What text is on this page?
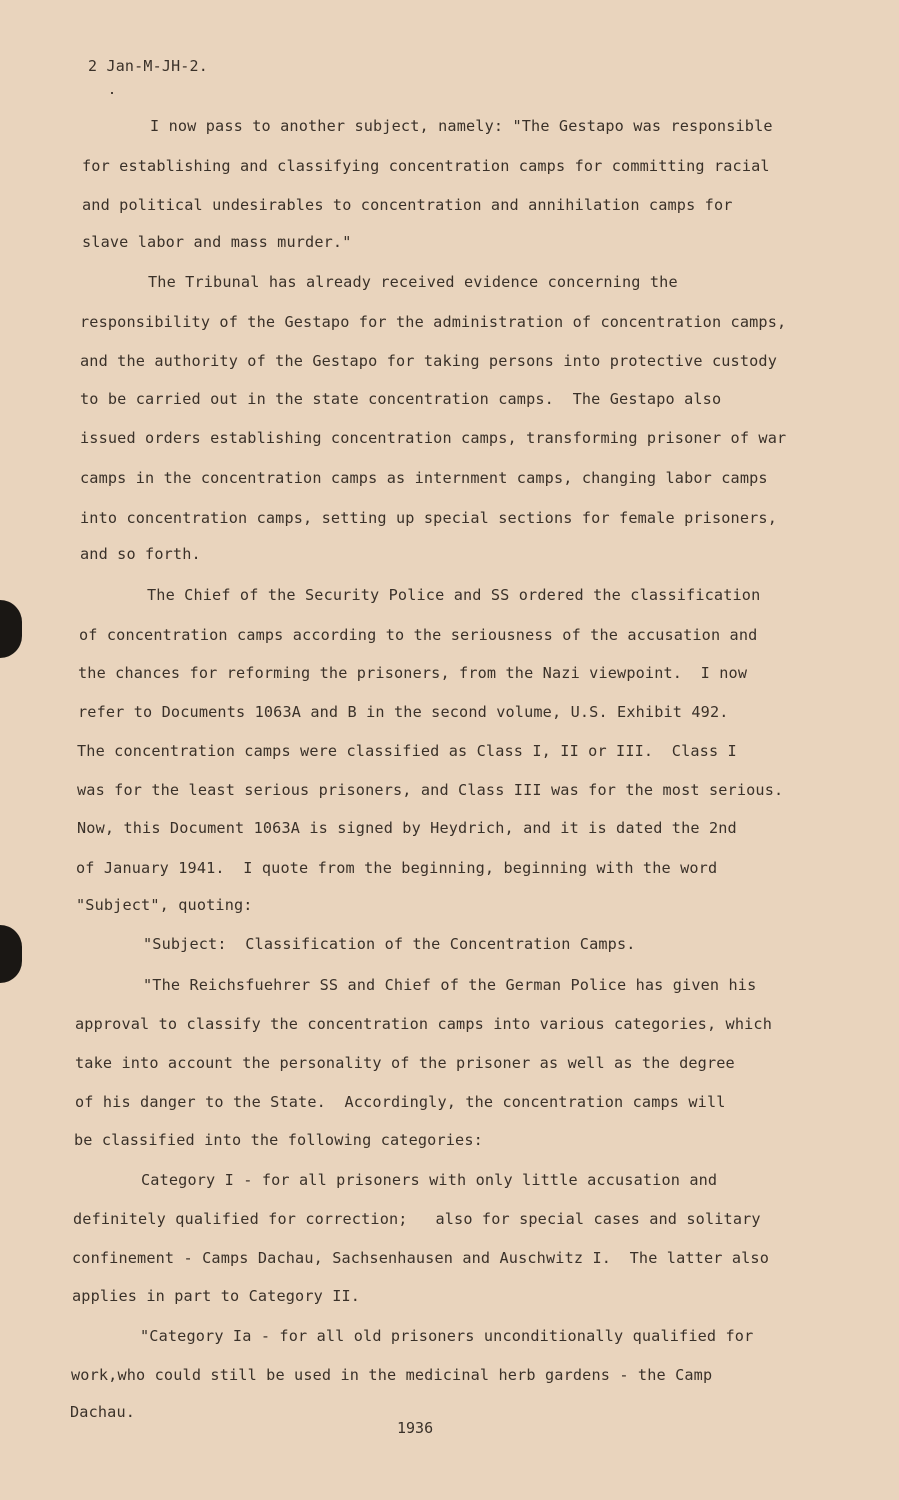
2 Jan-M-JH-2.
I now pass to another subject, namely: "The Gestapo was responsible
for establishing and classifying concentration camps for committing racial
and political undesirables to concentration and annihilation camps for
slave labor and mass murder."
The Tribunal has already received evidence concerning the
responsibility of the Gestapo for the administration of concentration camps,
and the authority of the Gestapo for taking persons into protective custody
to be carried out in the state concentration camps.  The Gestapo also
issued orders establishing concentration camps, transforming prisoner of war
camps in the concentration camps as internment camps, changing labor camps
into concentration camps, setting up special sections for female prisoners,
and so forth.
The Chief of the Security Police and SS ordered the classification
of concentration camps according to the seriousness of the accusation and
the chances for reforming the prisoners, from the Nazi viewpoint.  I now
refer to Documents 1063A and B in the second volume, U.S. Exhibit 492.
The concentration camps were classified as Class I, II or III.  Class I
was for the least serious prisoners, and Class III was for the most serious.
Now, this Document 1063A is signed by Heydrich, and it is dated the 2nd
of January 1941.  I quote from the beginning, beginning with the word
"Subject", quoting:
"Subject:  Classification of the Concentration Camps.
"The Reichsfuehrer SS and Chief of the German Police has given his
approval to classify the concentration camps into various categories, which
take into account the personality of the prisoner as well as the degree
of his danger to the State.  Accordingly, the concentration camps will
be classified into the following categories:
Category I - for all prisoners with only little accusation and
definitely qualified for correction;   also for special cases and solitary
confinement - Camps Dachau, Sachsenhausen and Auschwitz I.  The latter also
applies in part to Category II.
"Category Ia - for all old prisoners unconditionally qualified for
work,who could still be used in the medicinal herb gardens - the Camp
Dachau.
1936
